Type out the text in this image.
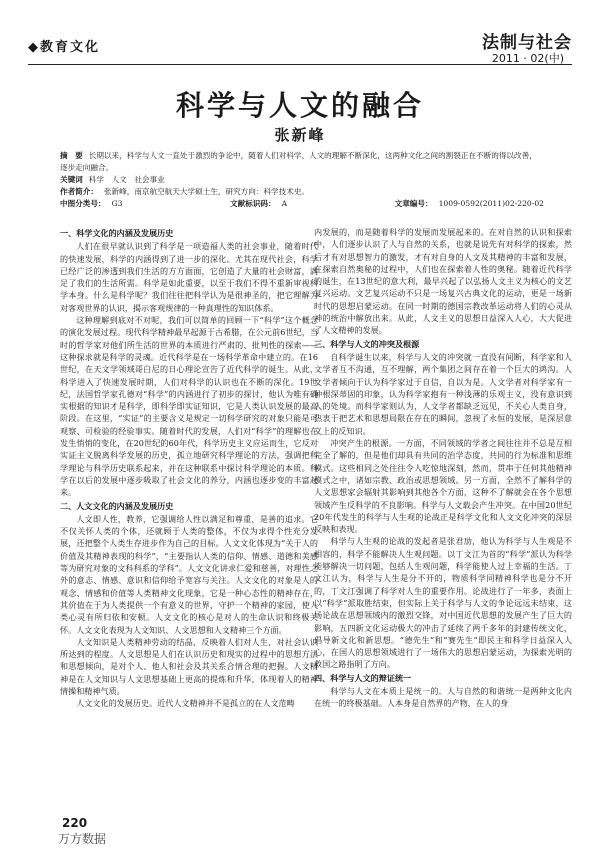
◆教育文化	法制与社会
2011 · 02(中)
科学与人文的融合
张新峰
摘　要 长期以来，科学与人文一直处于激烈的争论中，随着人们对科学、人文的理解不断深化，这两种文化之间的割裂正在不断的得以改善，逐步走向融合。
关键词 科学　人文　社会事业
作者简介： 张新峰，南京航空航天大学硕士生，研究方向：科学技术史。
中图分类号： G3	文献标识码： A	文章编号： 1009-0592(2011)02-220-02

一、科学文化的内涵及发展历史

人们在很早就认识到了科学是一项造福人类的社会事业，随着时代的快速发展，科学的内涵得到了进一步的深化。尤其在现代社会，科学已经广泛的渗透到我们生活的方方面面，它创造了大量的社会财富，满足了我们的生活所需。科学是如此重要，以至于我们不得不重新审视科学本身。什么是科学呢？我们往往把科学认为是很神圣的，把它理解为对客观世界的认识，揭示客观规律的一种真理性的知识体系。

这种理解到底对不对呢，我们可以简单的回顾一下“科学”这个概念的演化发展过程。现代科学精神最早起源于古希腊，在公元前6世纪，当时的哲学家对他们所生活的世界的本质进行严肃的、批判性的探索——这种探求就是科学的灵魂。近代科学是在一场科学革命中建立的。在16世纪，在天文学领域哥白尼的日心理论宣告了近代科学的诞生。从此，科学进入了快速发展时期，人们对科学的认识也在不断的深化。19世纪，法国哲学家孔德对“科学”的内涵进行了初步的探讨，他认为唯有确实根据的知识才是科学，即科学即实证知识，它是人类认识发展的最高阶段。在这里，“实证”的主要含义是规定一切科学研究的对象只能是可观察、可检验的经验事实。随着时代的发展，人们对“科学”的理解也在发生悄悄的变化，在20世纪的60年代，科学历史主义应运而生，它反对实证主义脱离科学发展的历史，孤立地研究科学理论的方法，强调把科学理论与科学历史联系起来，并在这种联系中探讨科学理论的本质。科学在以后的发展中逐步吸取了社会文化的养分，内涵也逐步变的丰富起来。

二、人文文化的内涵及发展历史

人文即人性，教养，它强调给人性以满足和尊重，是善的追求。它不仅关怀人类的个体，还就顾于人类的整体，不仅为求得个性充分发展，还把整个人类生存进步作为自己的目标。人文文化体现为“关于人的价值及其精神表现的科学”，“主要指认人类的信仰、情感、道德和美感等为研究对象的文科科系的学科”。人文文化讲求仁爱和慈善，对理性之外的意志、情感、意识和信仰给予宽容与关注。人文文化的对象是人的观念、情感和价值等人类精神文化现象，它是一种心态性的精神存在，其价值在于为人类提供一个有意义的世界，守护一个精神的家园，使人类心灵有所归依和安顿。人文文化的核心是对人的生命认识和终极关怀。人文文化表现为人文知识、人文思想和人文精神三个方面。

人文知识是人类精神劳动的结晶，反映着人们对人生，对社会认识所达到的程度。人文思想是人们在认识历史和现实的过程中的思想方法和思想倾向，是对个人、他人和社会及其关系合情合理的把握。人文精神是在人文知识与人文思想基础上更高的提炼和升华，体现着人的精神情操和精神气质。

人文文化的发展历史。近代人文精神并不是孤立的在人文范畴

内发展的，而是随着科学的发展而发展起来的。在对自然的认识和探索中，人们逐步认识了人与自然的关系，也就是说先有对科学的探索，然后才有对思想智力的激发，才有对自身的人文及其精神的丰富和发展，在探索自然奥秘的过程中，人们也在探索着人性的奥秘。随着近代科学的诞生，在13世纪的意大利，最早兴起了以弘扬人文主义为核心的文艺复兴运动。文艺复兴运动不只是一场复兴古典文化的运动，更是一场新时代的思想启蒙运动。在同一时期的德国宗教改革运动将人们的心灵从神的统治中解放出来。从此，人文主义的思想日益深入人心，大大促进了人文精神的发展。

三、科学与人文的冲突及根源

自科学诞生以来，科学与人文的冲突就一直没有间断，科学家和人文学者互不沟通，互不理解，两个集团之间存在着一个巨大的鸿沟。人文学者倾向于认为科学家过于自信，自以为是。人文学者对科学家有一种根深蒂固的印象，认为科学家抱有一种浅薄的乐观主义，没有意识到人的处境。而科学家则认为，人文学者都缺乏远见，不关心人类自身，热衷于把艺术和思想局限在存在的瞬间，忽视了永恒的发展，是深层意义上的反知识。

冲突产生的根源。一方面，不同领域的学者之间往往并不总是互相完全了解的，但是他们却具有共同的治学态度，共同的行为标准和思维模式。这些相同之处往往令人吃惊地深刻，然而，贯串于任何其他精神模式之中，诸如宗教、政治或思想领域。另一方面，全然不了解科学的人文思想家会辐射其影响到其他各个方面，这种不了解就会在各个思想领域产生反科学的不良影响。科学与人文载会产生冲突。在中国20世纪20年代发生的科学与人生观的论战正是科学文化和人文文化冲突的深层反映和表现。

科学与人生观的论战的发起者是张君劢，他认为科学与人生观是不相容的，科学不能解决人生观问题。以丁文江为首的“科学”派认为科学能够解决一切问题，包括人生观问题，科学能使人过上幸福的生活。丁文江认为，科学与人生是分不开的，物质科学同精神科学也是分不开的，丁文江强调了科学对人生的重要作用。论战进行了一年多，表面上以“科学”派取胜结束，但实际上关于科学与人文的争论远远未结束，这场论战在思想领域内的激烈交锋，对中国近代思想的发展产生了巨大的影响，五四新文化运动极大的冲击了延续了两千多年的封建传统文化，倡导新文化和新思想。“德先生”和“赛先生”即民主和科学日益深入人心，在国人的思想领域进行了一场伟大的思想启蒙运动，为探索光明的救国之路指明了方向。

四、科学与人文的辩证统一

科学与人文在本质上是统一的。人与自然的和谐统一是两种文化内在统一的终极基础。人本身是自然界的产物，在人的身

220
万方数据
